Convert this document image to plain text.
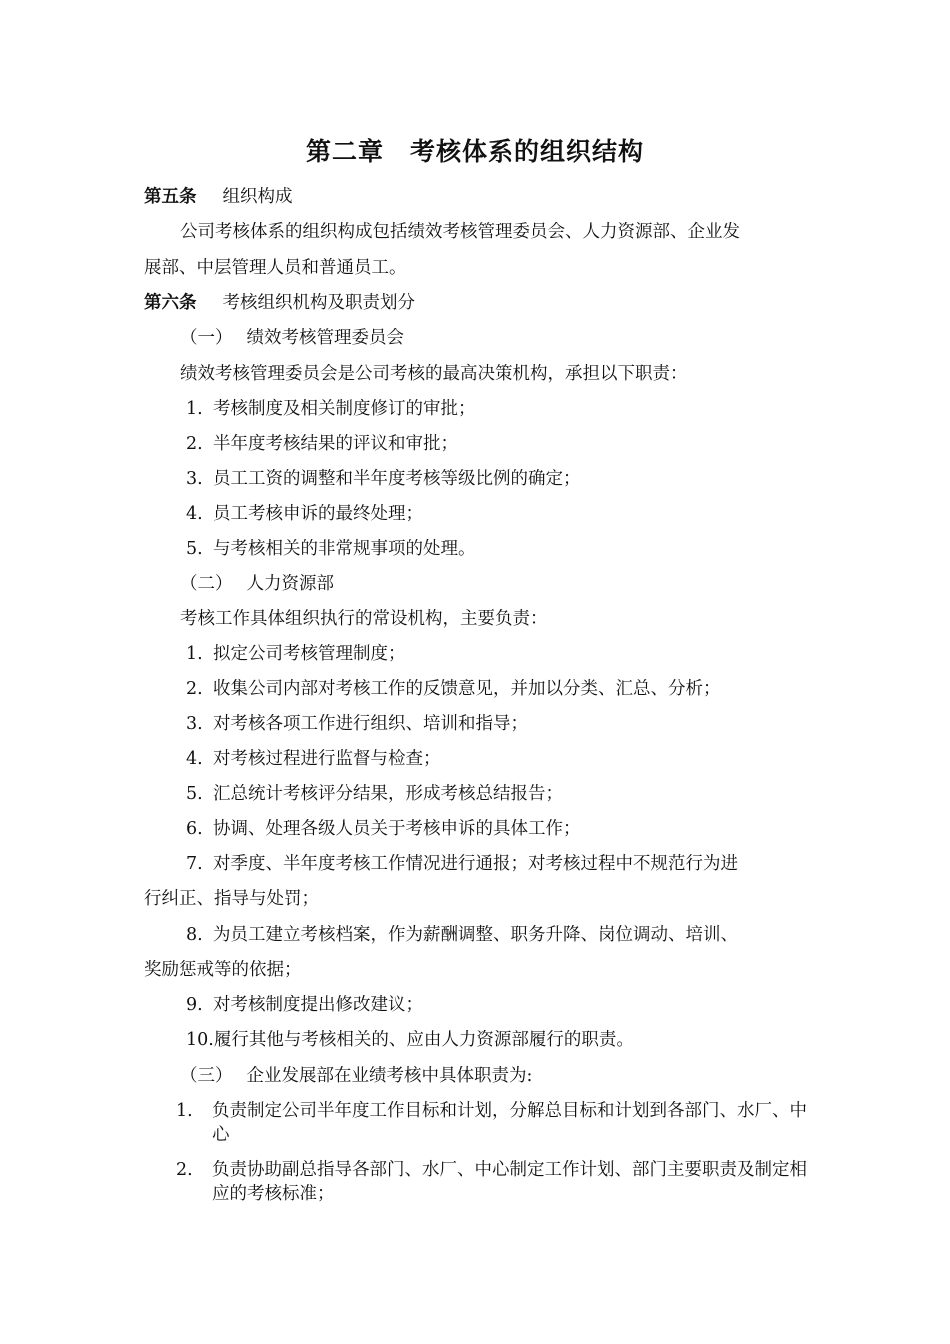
第二章　考核体系的组织结构
第五条 组织构成
公司考核体系的组织构成包括绩效考核管理委员会、人力资源部、企业发
展部、中层管理人员和普通员工。
第六条 考核组织机构及职责划分
（一） 绩效考核管理委员会
绩效考核管理委员会是公司考核的最高决策机构，承担以下职责：
1. 考核制度及相关制度修订的审批；
2. 半年度考核结果的评议和审批；
3. 员工工资的调整和半年度考核等级比例的确定；
4. 员工考核申诉的最终处理；
5. 与考核相关的非常规事项的处理。
（二） 人力资源部
考核工作具体组织执行的常设机构，主要负责：
1. 拟定公司考核管理制度；
2. 收集公司内部对考核工作的反馈意见，并加以分类、汇总、分析；
3. 对考核各项工作进行组织、培训和指导；
4. 对考核过程进行监督与检查；
5. 汇总统计考核评分结果，形成考核总结报告；
6. 协调、处理各级人员关于考核申诉的具体工作；
7. 对季度、半年度考核工作情况进行通报；对考核过程中不规范行为进
行纠正、指导与处罚；
8. 为员工建立考核档案，作为薪酬调整、职务升降、岗位调动、培训、
奖励惩戒等的依据；
9. 对考核制度提出修改建议；
10.履行其他与考核相关的、应由人力资源部履行的职责。
（三） 企业发展部在业绩考核中具体职责为:
1. 负责制定公司半年度工作目标和计划，分解总目标和计划到各部门、水厂、中心
2. 负责协助副总指导各部门、水厂、中心制定工作计划、部门主要职责及制定相应的考核标准；
